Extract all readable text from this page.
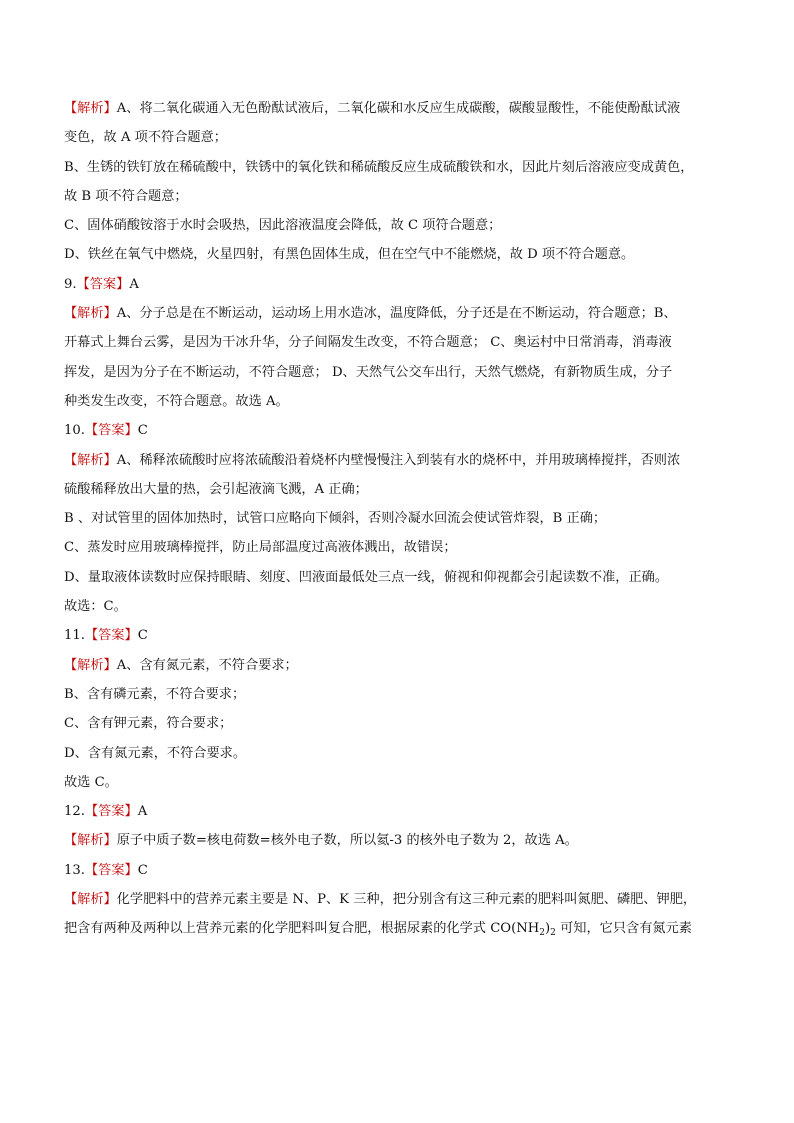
【解析】A、将二氧化碳通入无色酚酞试液后，二氧化碳和水反应生成碳酸，碳酸显酸性，不能使酚酞试液
变色，故 A 项不符合题意；
B、生锈的铁钉放在稀硫酸中，铁锈中的氧化铁和稀硫酸反应生成硫酸铁和水，因此片刻后溶液应变成黄色，
故 B 项不符合题意；
C、固体硝酸铵溶于水时会吸热，因此溶液温度会降低，故 C 项符合题意；
D、铁丝在氧气中燃烧，火星四射，有黑色固体生成，但在空气中不能燃烧，故 D 项不符合题意。
9.【答案】A
【解析】A、分子总是在不断运动，运动场上用水造冰，温度降低，分子还是在不断运动，符合题意；B、
开幕式上舞台云雾，是因为干冰升华，分子间隔发生改变，不符合题意； C、奥运村中日常消毒，消毒液
挥发，是因为分子在不断运动，不符合题意； D、天然气公交车出行，天然气燃烧，有新物质生成，分子
种类发生改变，不符合题意。故选 A。
10.【答案】C
【解析】A、稀释浓硫酸时应将浓硫酸沿着烧杯内壁慢慢注入到装有水的烧杯中，并用玻璃棒搅拌，否则浓
硫酸稀释放出大量的热，会引起液滴飞溅，A 正确；
B 、对试管里的固体加热时，试管口应略向下倾斜，否则冷凝水回流会使试管炸裂，B 正确；
C、蒸发时应用玻璃棒搅拌，防止局部温度过高液体溅出，故错误；
D、量取液体读数时应保持眼睛、刻度、凹液面最低处三点一线，俯视和仰视都会引起读数不准，正确。
故选：C。
11.【答案】C
【解析】A、含有氮元素，不符合要求；
B、含有磷元素，不符合要求；
C、含有钾元素，符合要求；
D、含有氮元素，不符合要求。
故选 C。
12.【答案】A
【解析】原子中质子数=核电荷数=核外电子数，所以氦-3 的核外电子数为 2，故选 A。
13.【答案】C
【解析】化学肥料中的营养元素主要是 N、P、K 三种，把分别含有这三种元素的肥料叫氮肥、磷肥、钾肥，
把含有两种及两种以上营养元素的化学肥料叫复合肥，根据尿素的化学式 $CO(NH_2)_2$ 可知，它只含有氮元素
